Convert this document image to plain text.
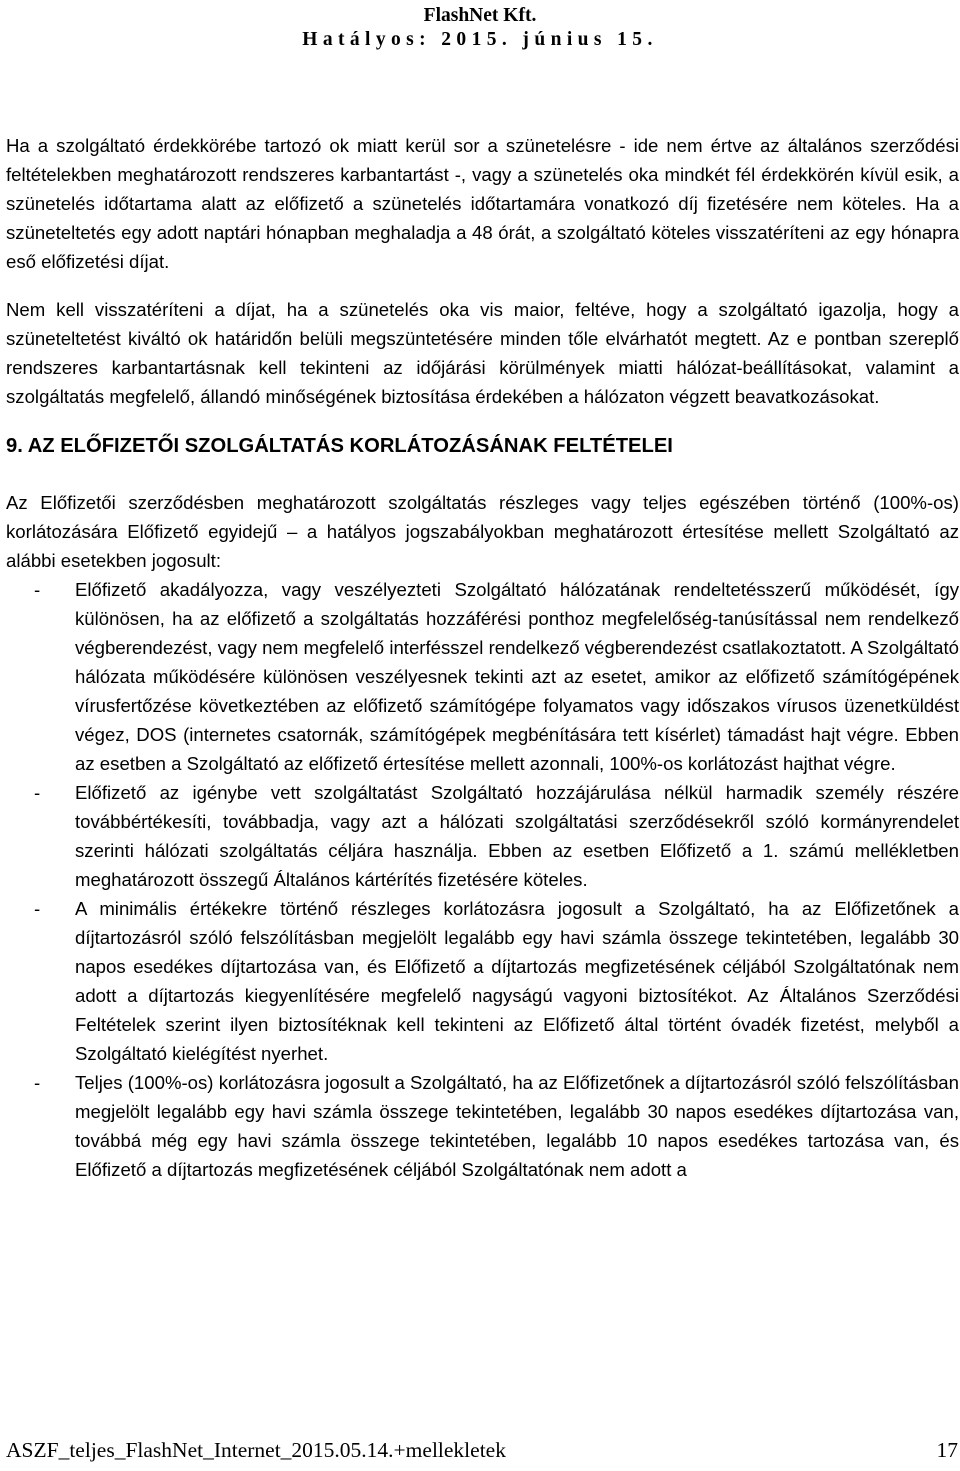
FlashNet Kft.
Hatályos: 2015. június 15.

Ha a szolgáltató érdekkörébe tartozó ok miatt kerül sor a szünetelésre - ide nem értve az általános szerződési feltételekben meghatározott rendszeres karbantartást -, vagy a szünetelés oka mindkét fél érdekkörén kívül esik, a szünetelés időtartama alatt az előfizető a szünetelés időtartamára vonatkozó díj fizetésére nem köteles. Ha a szüneteltetés egy adott naptári hónapban meghaladja a 48 órát, a szolgáltató köteles visszatéríteni az egy hónapra eső előfizetési díjat.

Nem kell visszatéríteni a díjat, ha a szünetelés oka vis maior, feltéve, hogy a szolgáltató igazolja, hogy a szüneteltetést kiváltó ok határidőn belüli megszüntetésére minden tőle elvárhatót megtett. Az e pontban szereplő rendszeres karbantartásnak kell tekinteni az időjárási körülmények miatti hálózat-beállításokat, valamint a szolgáltatás megfelelő, állandó minőségének biztosítása érdekében a hálózaton végzett beavatkozásokat.

9. AZ ELŐFIZETŐI SZOLGÁLTATÁS KORLÁTOZÁSÁNAK FELTÉTELEI

Az Előfizetői szerződésben meghatározott szolgáltatás részleges vagy teljes egészében történő (100%-os) korlátozására Előfizető egyidejű – a hatályos jogszabályokban meghatározott értesítése mellett Szolgáltató az alábbi esetekben jogosult:

- Előfizető akadályozza, vagy veszélyezteti Szolgáltató hálózatának rendeltetésszerű működését, így különösen, ha az előfizető a szolgáltatás hozzáférési ponthoz megfelelőség-tanúsítással nem rendelkező végberendezést, vagy nem megfelelő interfésszel rendelkező végberendezést csatlakoztatott. A Szolgáltató hálózata működésére különösen veszélyesnek tekinti azt az esetet, amikor az előfizető számítógépének vírusfertőzése következtében az előfizető számítógépe folyamatos vagy időszakos vírusos üzenetküldést végez, DOS (internetes csatornák, számítógépek megbénítására tett kísérlet) támadást hajt végre. Ebben az esetben a Szolgáltató az előfizető értesítése mellett azonnali, 100%-os korlátozást hajthat végre.
- Előfizető az igénybe vett szolgáltatást Szolgáltató hozzájárulása nélkül harmadik személy részére továbbértékesíti, továbbadja, vagy azt a hálózati szolgáltatási szerződésekről szóló kormányrendelet szerinti hálózati szolgáltatás céljára használja. Ebben az esetben Előfizető a 1. számú mellékletben meghatározott összegű Általános kártérítés fizetésére köteles.
- A minimális értékekre történő részleges korlátozásra jogosult a Szolgáltató, ha az Előfizetőnek a díjtartozásról szóló felszólításban megjelölt legalább egy havi számla összege tekintetében, legalább 30 napos esedékes díjtartozása van, és Előfizető a díjtartozás megfizetésének céljából Szolgáltatónak nem adott a díjtartozás kiegyenlítésére megfelelő nagyságú vagyoni biztosítékot. Az Általános Szerződési Feltételek szerint ilyen biztosítéknak kell tekinteni az Előfizető által történt óvadék fizetést, melyből a Szolgáltató kielégítést nyerhet.
- Teljes (100%-os) korlátozásra jogosult a Szolgáltató, ha az Előfizetőnek a díjtartozásról szóló felszólításban megjelölt legalább egy havi számla összege tekintetében, legalább 30 napos esedékes díjtartozása van, továbbá még egy havi számla összege tekintetében, legalább 10 napos esedékes tartozása van, és Előfizető a díjtartozás megfizetésének céljából Szolgáltatónak nem adott a
ASZF_teljes_FlashNet_Internet_2015.05.14.+mellekletek	17
